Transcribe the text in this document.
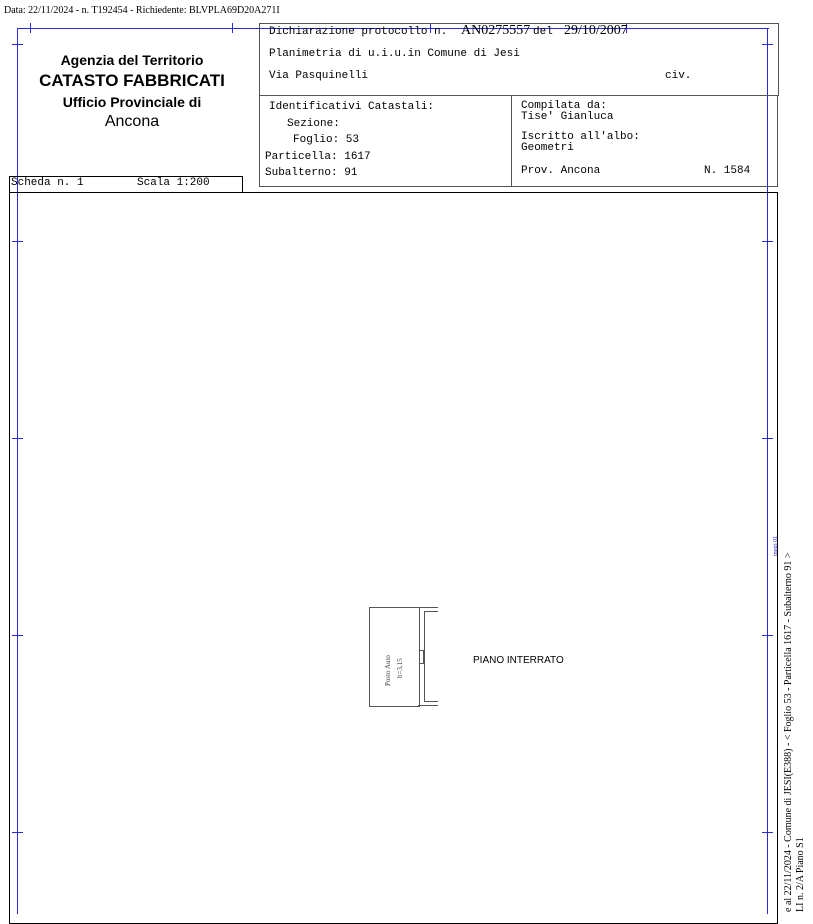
Data: 22/11/2024 - n. T192454 - Richiedente: BLVPLA69D20A271I
Agenzia del Territorio
CATASTO FABBRICATI
Ufficio Provinciale di
Ancona
Dichiarazione protocollo n. AN0275557 del 29/10/2007
Planimetria di u.i.u.in Comune di Jesi
Via Pasquinelli	civ.
Identificativi Catastali:
Sezione:
Foglio: 53
Particella: 1617
Subalterno: 91
Compilata da:
Tise' Gianluca
Iscritto all'albo:
Geometri
Prov. Ancona	N. 1584
Scheda n. 1	Scala 1:200
Posto Auto h=3,15	PIANO INTERRATO
metri 01
e al 22/11/2024 - Comune di JESI(E388) - < Foglio 53 - Particella 1617 - Subalterno 91 > LI n. 2/A Piano S1
